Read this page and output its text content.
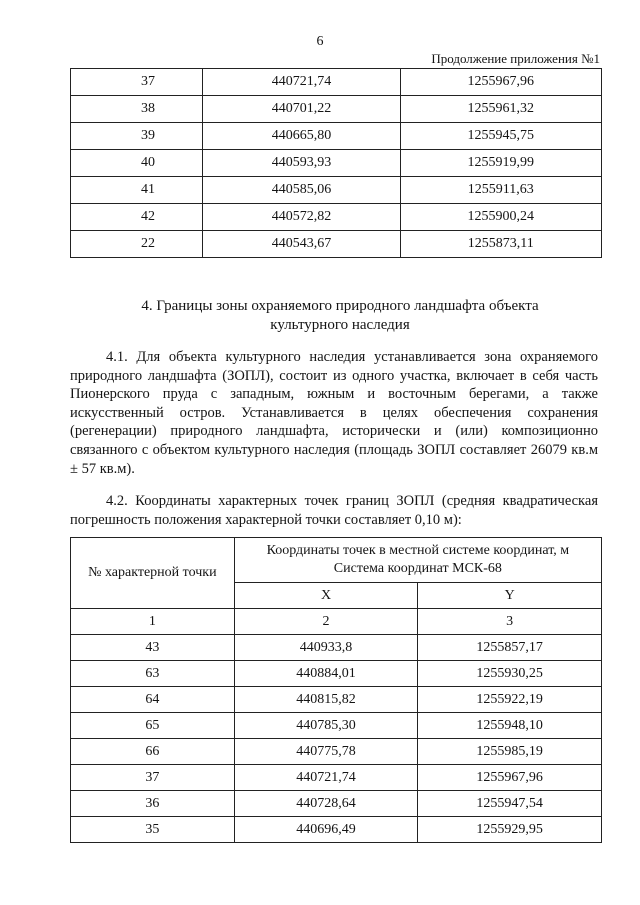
6
Продолжение приложения №1
37	440721,74	1255967,96
38	440701,22	1255961,32
39	440665,80	1255945,75
40	440593,93	1255919,99
41	440585,06	1255911,63
42	440572,82	1255900,24
22	440543,67	1255873,11
4. Границы зоны охраняемого природного ландшафта объекта
культурного наследия

4.1. Для объекта культурного наследия устанавливается зона охраняемого природного ландшафта (ЗОПЛ), состоит из одного участка, включает в себя часть Пионерского пруда с западным, южным и восточным берегами, а также искусственный остров. Устанавливается в целях обеспечения сохранения (регенерации) природного ландшафта, исторически и (или) композиционно связанного с объектом культурного наследия (площадь ЗОПЛ составляет 26079 кв.м ± 57 кв.м).

4.2. Координаты характерных точек границ ЗОПЛ (средняя квадратическая погрешность положения характерной точки составляет 0,10 м):

№ характерной точки	Координаты точек в местной системе координат, м
Система координат МСК-68	

	X	Y
1	2	3
43	440933,8	1255857,17
63	440884,01	1255930,25
64	440815,82	1255922,19
65	440785,30	1255948,10
66	440775,78	1255985,19
37	440721,74	1255967,96
36	440728,64	1255947,54
35	440696,49	1255929,95
